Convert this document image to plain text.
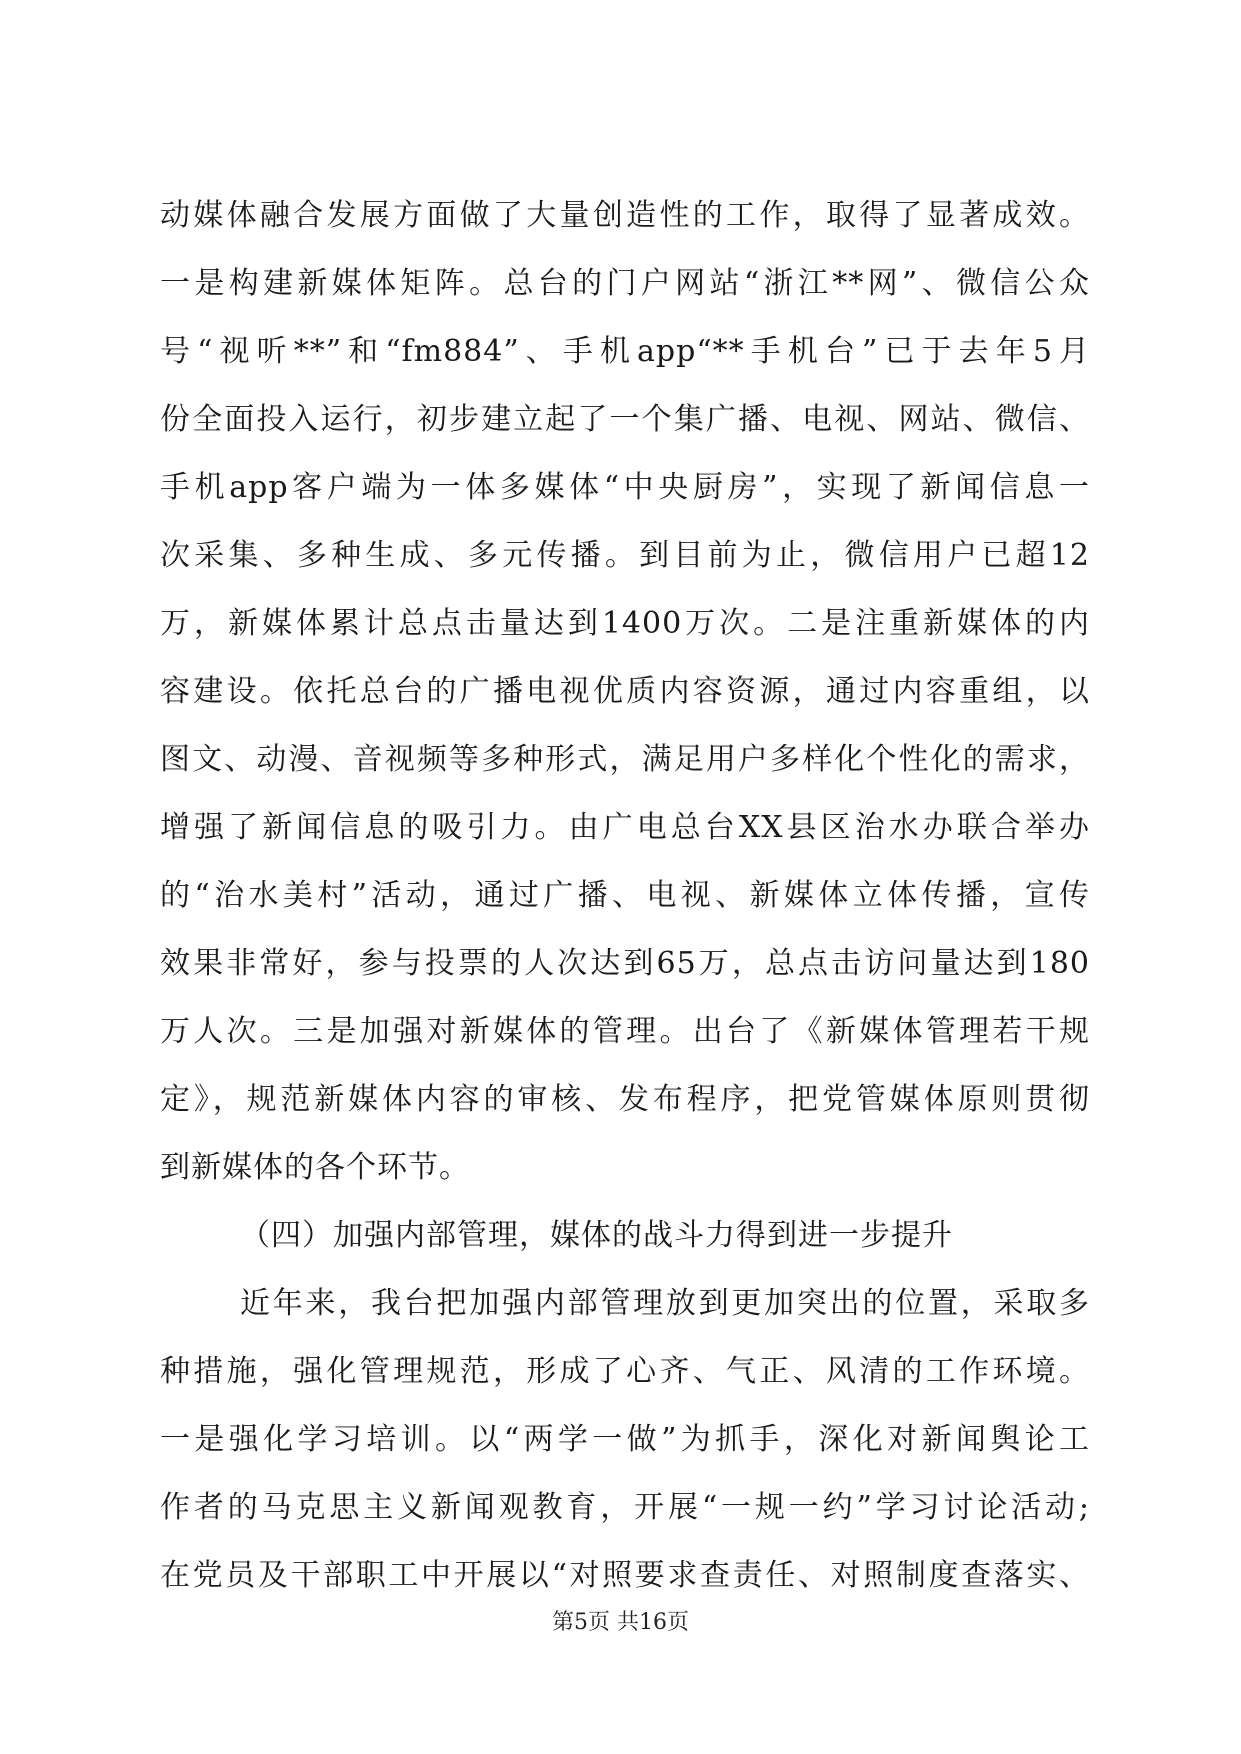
动媒体融合发展方面做了大量创造性的工作，取得了显著成效。
一是构建新媒体矩阵。总台的门户网站“浙江**网”、微信公众
号“视听**”和“fm884”、手机app“**手机台”已于去年5月
份全面投入运行，初步建立起了一个集广播、电视、网站、微信、
手机app客户端为一体多媒体“中央厨房”，实现了新闻信息一
次采集、多种生成、多元传播。到目前为止，微信用户已超12
万，新媒体累计总点击量达到1400万次。二是注重新媒体的内
容建设。依托总台的广播电视优质内容资源，通过内容重组，以
图文、动漫、音视频等多种形式，满足用户多样化个性化的需求，
增强了新闻信息的吸引力。由广电总台XX县区治水办联合举办
的“治水美村”活动，通过广播、电视、新媒体立体传播，宣传
效果非常好，参与投票的人次达到65万，总点击访问量达到180
万人次。三是加强对新媒体的管理。出台了《新媒体管理若干规
定》，规范新媒体内容的审核、发布程序，把党管媒体原则贯彻
到新媒体的各个环节。
（四）加强内部管理，媒体的战斗力得到进一步提升
近年来，我台把加强内部管理放到更加突出的位置，采取多
种措施，强化管理规范，形成了心齐、气正、风清的工作环境。
一是强化学习培训。以“两学一做”为抓手，深化对新闻舆论工
作者的马克思主义新闻观教育，开展“一规一约”学习讨论活动;
在党员及干部职工中开展以“对照要求查责任、对照制度查落实、
第5页 共16页
